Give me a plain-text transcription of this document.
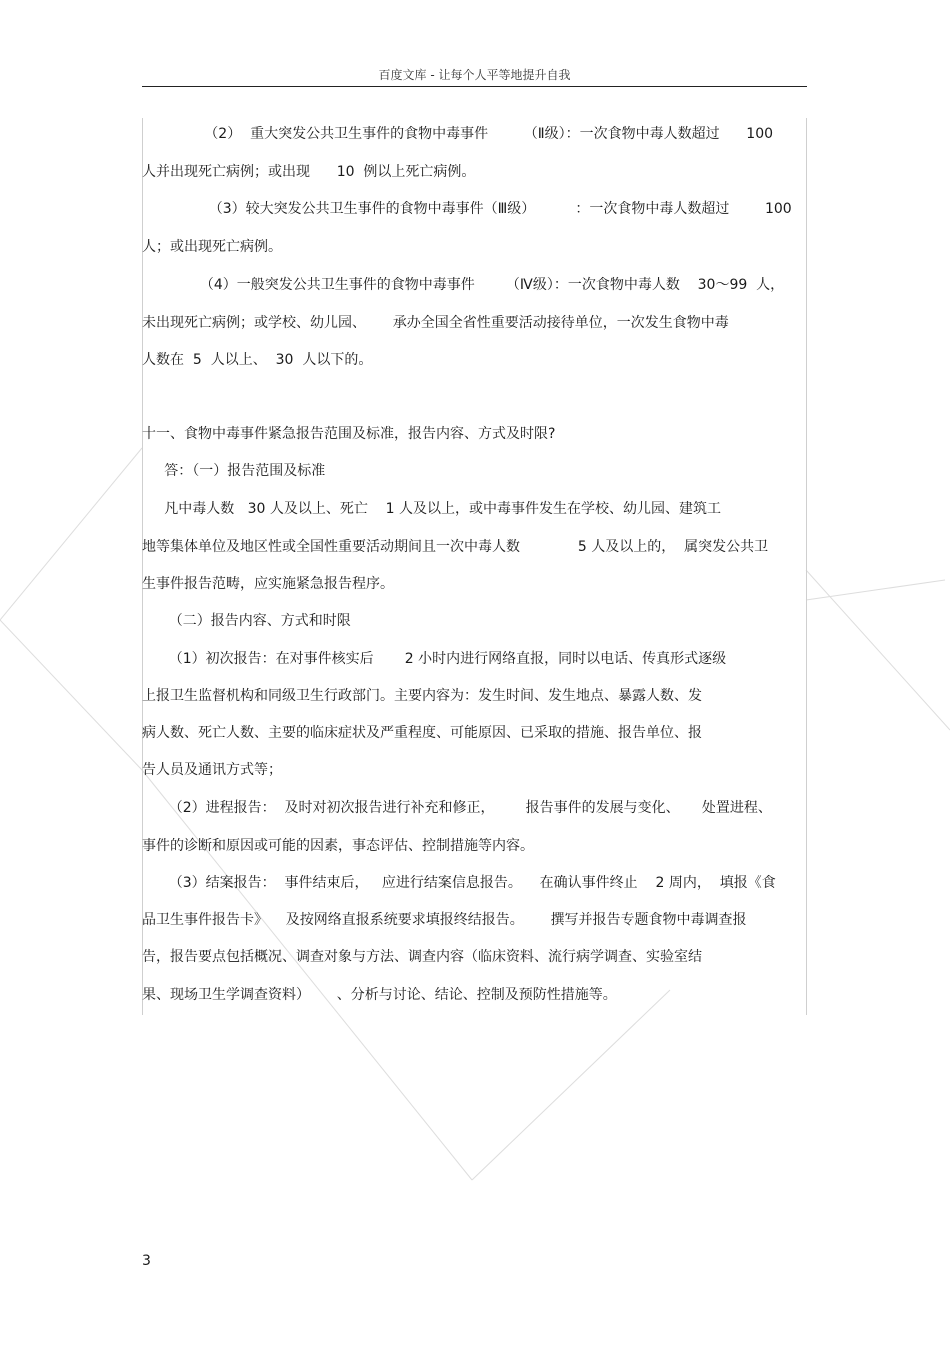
百度文库 - 让每个人平等地提升自我
（2）  重大突发公共卫生事件的食物中毒事件        （Ⅱ级）：一次食物中毒人数超过      100
人并出现死亡病例；或出现      10  例以上死亡病例。
（3）较大突发公共卫生事件的食物中毒事件（Ⅲ级）         ：一次食物中毒人数超过        100
人；或出现死亡病例。
（4）一般突发公共卫生事件的食物中毒事件       （Ⅳ级）：一次食物中毒人数    30～99  人，
未出现死亡病例；或学校、幼儿园、      承办全国全省性重要活动接待单位，一次发生食物中毒
人数在  5  人以上、  30  人以下的。
十一、食物中毒事件紧急报告范围及标准，报告内容、方式及时限?
答：（一）报告范围及标准
凡中毒人数   30 人及以上、死亡    1 人及以上，或中毒事件发生在学校、幼儿园、建筑工
地等集体单位及地区性或全国性重要活动期间且一次中毒人数             5 人及以上的，  属突发公共卫
生事件报告范畴，应实施紧急报告程序。
（二）报告内容、方式和时限
（1）初次报告：在对事件核实后       2 小时内进行网络直报，同时以电话、传真形式逐级
上报卫生监督机构和同级卫生行政部门。主要内容为：发生时间、发生地点、暴露人数、发
病人数、死亡人数、主要的临床症状及严重程度、可能原因、已采取的措施、报告单位、报
告人员及通讯方式等；
（2）进程报告：  及时对初次报告进行补充和修正，       报告事件的发展与变化、     处置进程、
事件的诊断和原因或可能的因素，事态评估、控制措施等内容。
（3）结案报告：  事件结束后，   应进行结案信息报告。    在确认事件终止    2 周内，  填报《食
品卫生事件报告卡》    及按网络直报系统要求填报终结报告。      撰写并报告专题食物中毒调查报
告，报告要点包括概况、调查对象与方法、调查内容（临床资料、流行病学调查、实验室结
果、现场卫生学调查资料）      、分析与讨论、结论、控制及预防性措施等。
3
